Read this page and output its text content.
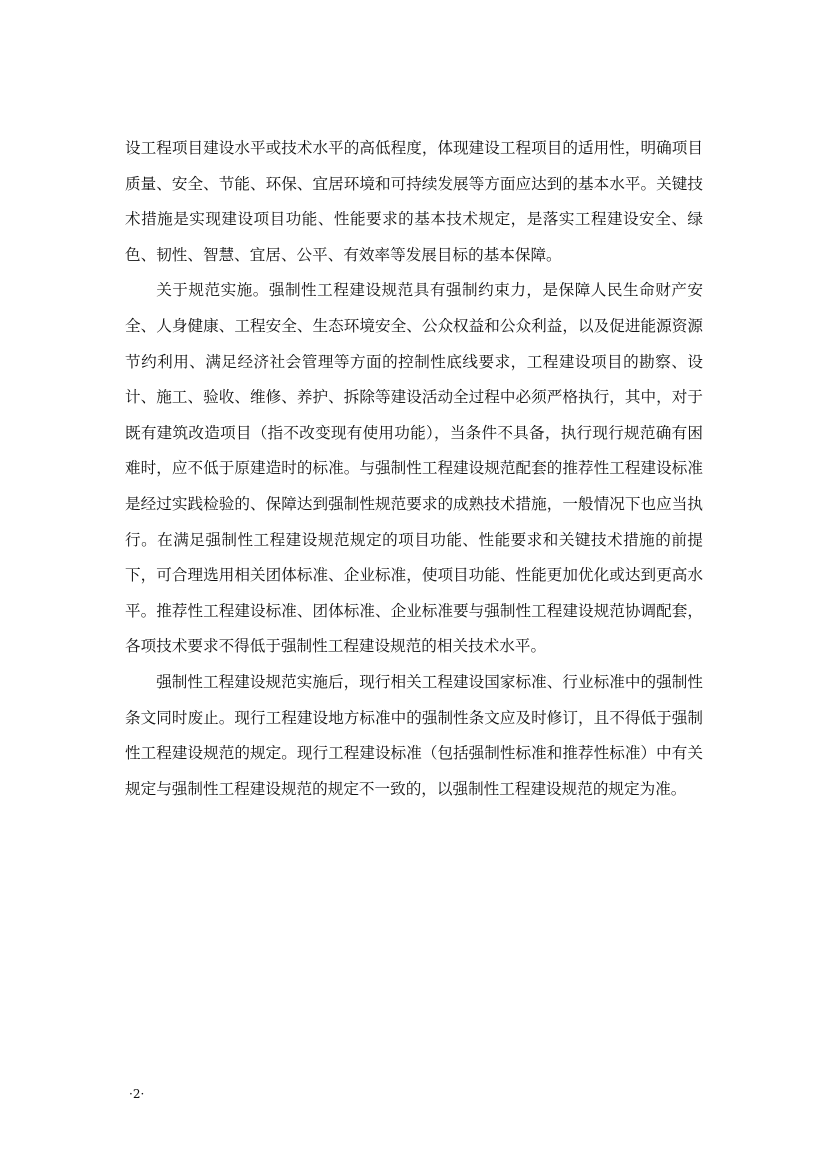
设工程项目建设水平或技术水平的高低程度，体现建设工程项目的适用性，明确项目质量、安全、节能、环保、宜居环境和可持续发展等方面应达到的基本水平。关键技术措施是实现建设项目功能、性能要求的基本技术规定，是落实工程建设安全、绿色、韧性、智慧、宜居、公平、有效率等发展目标的基本保障。

关于规范实施。强制性工程建设规范具有强制约束力，是保障人民生命财产安全、人身健康、工程安全、生态环境安全、公众权益和公众利益，以及促进能源资源节约利用、满足经济社会管理等方面的控制性底线要求，工程建设项目的勘察、设计、施工、验收、维修、养护、拆除等建设活动全过程中必须严格执行，其中，对于既有建筑改造项目（指不改变现有使用功能），当条件不具备，执行现行规范确有困难时，应不低于原建造时的标准。与强制性工程建设规范配套的推荐性工程建设标准是经过实践检验的、保障达到强制性规范要求的成熟技术措施，一般情况下也应当执行。在满足强制性工程建设规范规定的项目功能、性能要求和关键技术措施的前提下，可合理选用相关团体标准、企业标准，使项目功能、性能更加优化或达到更高水平。推荐性工程建设标准、团体标准、企业标准要与强制性工程建设规范协调配套，各项技术要求不得低于强制性工程建设规范的相关技术水平。

强制性工程建设规范实施后，现行相关工程建设国家标准、行业标准中的强制性条文同时废止。现行工程建设地方标准中的强制性条文应及时修订，且不得低于强制性工程建设规范的规定。现行工程建设标准（包括强制性标准和推荐性标准）中有关规定与强制性工程建设规范的规定不一致的，以强制性工程建设规范的规定为准。

·2·
